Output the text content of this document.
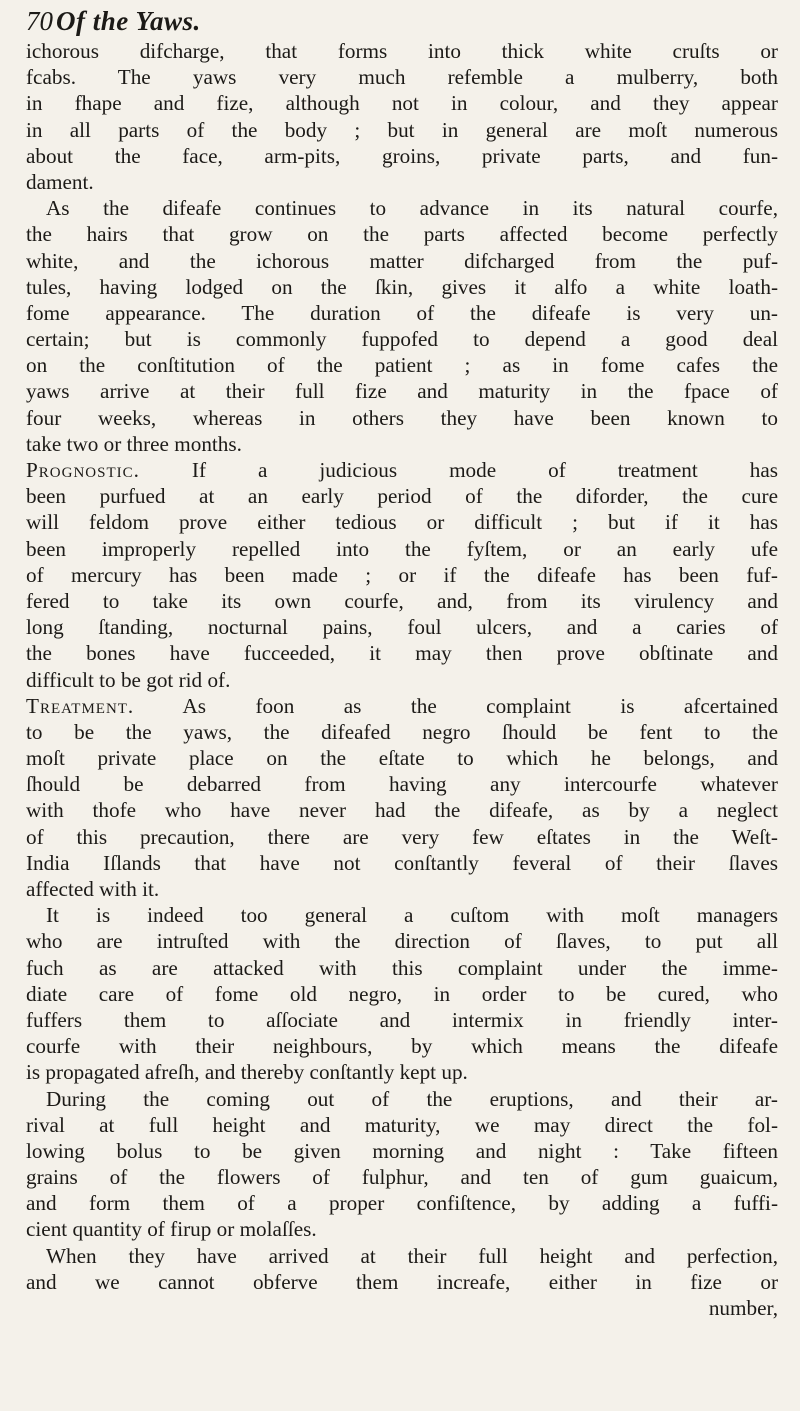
70 Of the Yaws.
ichorous difcharge, that forms into thick white cruſts or
fcabs. The yaws very much refemble a mulberry, both
in fhape and fize, although not in colour, and they appear
in all parts of the body ; but in general are moſt numerous
about the face, arm-pits, groins, private parts, and fun-
dament.
As the difeafe continues to advance in its natural courfe,
the hairs that grow on the parts affected become perfectly
white, and the ichorous matter difcharged from the puf-
tules, having lodged on the ſkin, gives it alfo a white loath-
fome appearance. The duration of the difeafe is very un-
certain; but is commonly fuppofed to depend a good deal
on the conſtitution of the patient ; as in fome cafes the
yaws arrive at their full fize and maturity in the fpace of
four weeks, whereas in others they have been known to
take two or three months.
Prognostic. If a judicious mode of treatment has
been purfued at an early period of the diforder, the cure
will feldom prove either tedious or difficult ; but if it has
been improperly repelled into the fyſtem, or an early ufe
of mercury has been made ; or if the difeafe has been fuf-
fered to take its own courfe, and, from its virulency and
long ſtanding, nocturnal pains, foul ulcers, and a caries of
the bones have fucceeded, it may then prove obſtinate and
difficult to be got rid of.
Treatment. As foon as the complaint is afcertained
to be the yaws, the difeafed negro ſhould be fent to the
moſt private place on the eſtate to which he belongs, and
ſhould be debarred from having any intercourfe whatever
with thofe who have never had the difeafe, as by a neglect
of this precaution, there are very few eſtates in the Weſt-
India Iſlands that have not conſtantly feveral of their ſlaves
affected with it.
It is indeed too general a cuſtom with moſt managers
who are intruſted with the direction of ſlaves, to put all
fuch as are attacked with this complaint under the imme-
diate care of fome old negro, in order to be cured, who
fuffers them to aſſociate and intermix in friendly inter-
courfe with their neighbours, by which means the difeafe
is propagated afreſh, and thereby conſtantly kept up.
During the coming out of the eruptions, and their ar-
rival at full height and maturity, we may direct the fol-
lowing bolus to be given morning and night : Take fifteen
grains of the flowers of fulphur, and ten of gum guaicum,
and form them of a proper confiſtence, by adding a fuffi-
cient quantity of firup or molaſſes.
When they have arrived at their full height and perfection,
and we cannot obferve them increafe, either in fize or
number,
